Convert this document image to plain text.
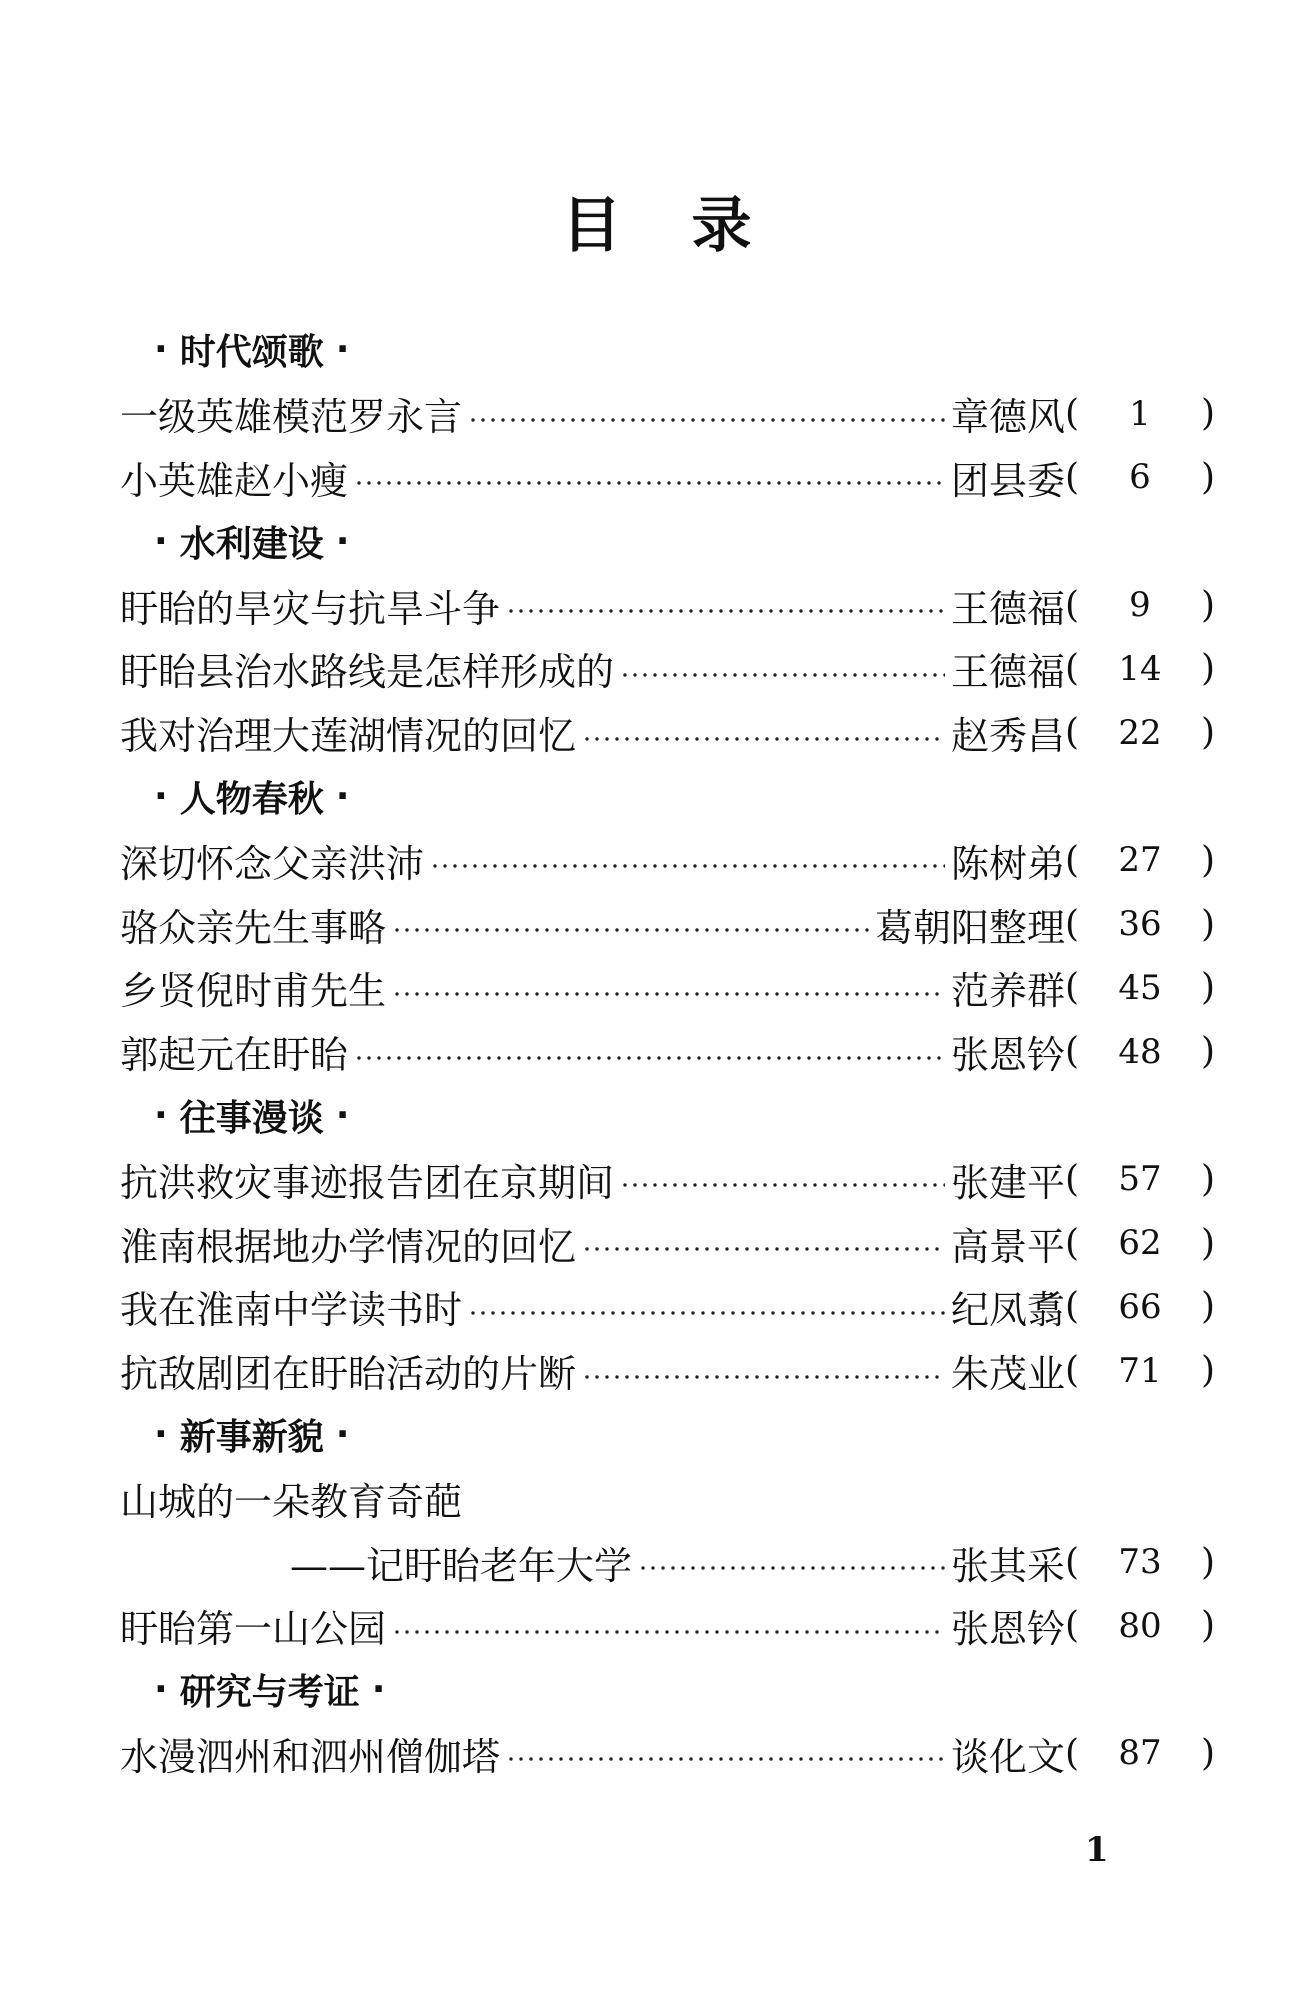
目录
· 时代颂歌 ·
一级英雄模范罗永言	章德风 (	1	)
小英雄赵小瘦	团县委 (	6	)
· 水利建设 ·
盱眙的旱灾与抗旱斗争	王德福 (	9	)
盱眙县治水路线是怎样形成的	王德福 (	14	)
我对治理大莲湖情况的回忆	赵秀昌 (	22	)
· 人物春秋 ·
深切怀念父亲洪沛	陈树弟 (	27	)
骆众亲先生事略	葛朝阳整理 (	36	)
乡贤倪时甫先生	范养群 (	45	)
郭起元在盱眙	张恩钤 (	48	)
· 往事漫谈 ·
抗洪救灾事迹报告团在京期间	张建平 (	57	)
淮南根据地办学情况的回忆	高景平 (	62	)
我在淮南中学读书时	纪凤翥 (	66	)
抗敌剧团在盱眙活动的片断	朱茂业 (	71	)
· 新事新貌 ·
山城的一朵教育奇葩
——记盱眙老年大学	张其采 (	73	)
盱眙第一山公园	张恩钤 (	80	)
· 研究与考证 ·
水漫泗州和泗州僧伽塔	谈化文 (	87	)
1
